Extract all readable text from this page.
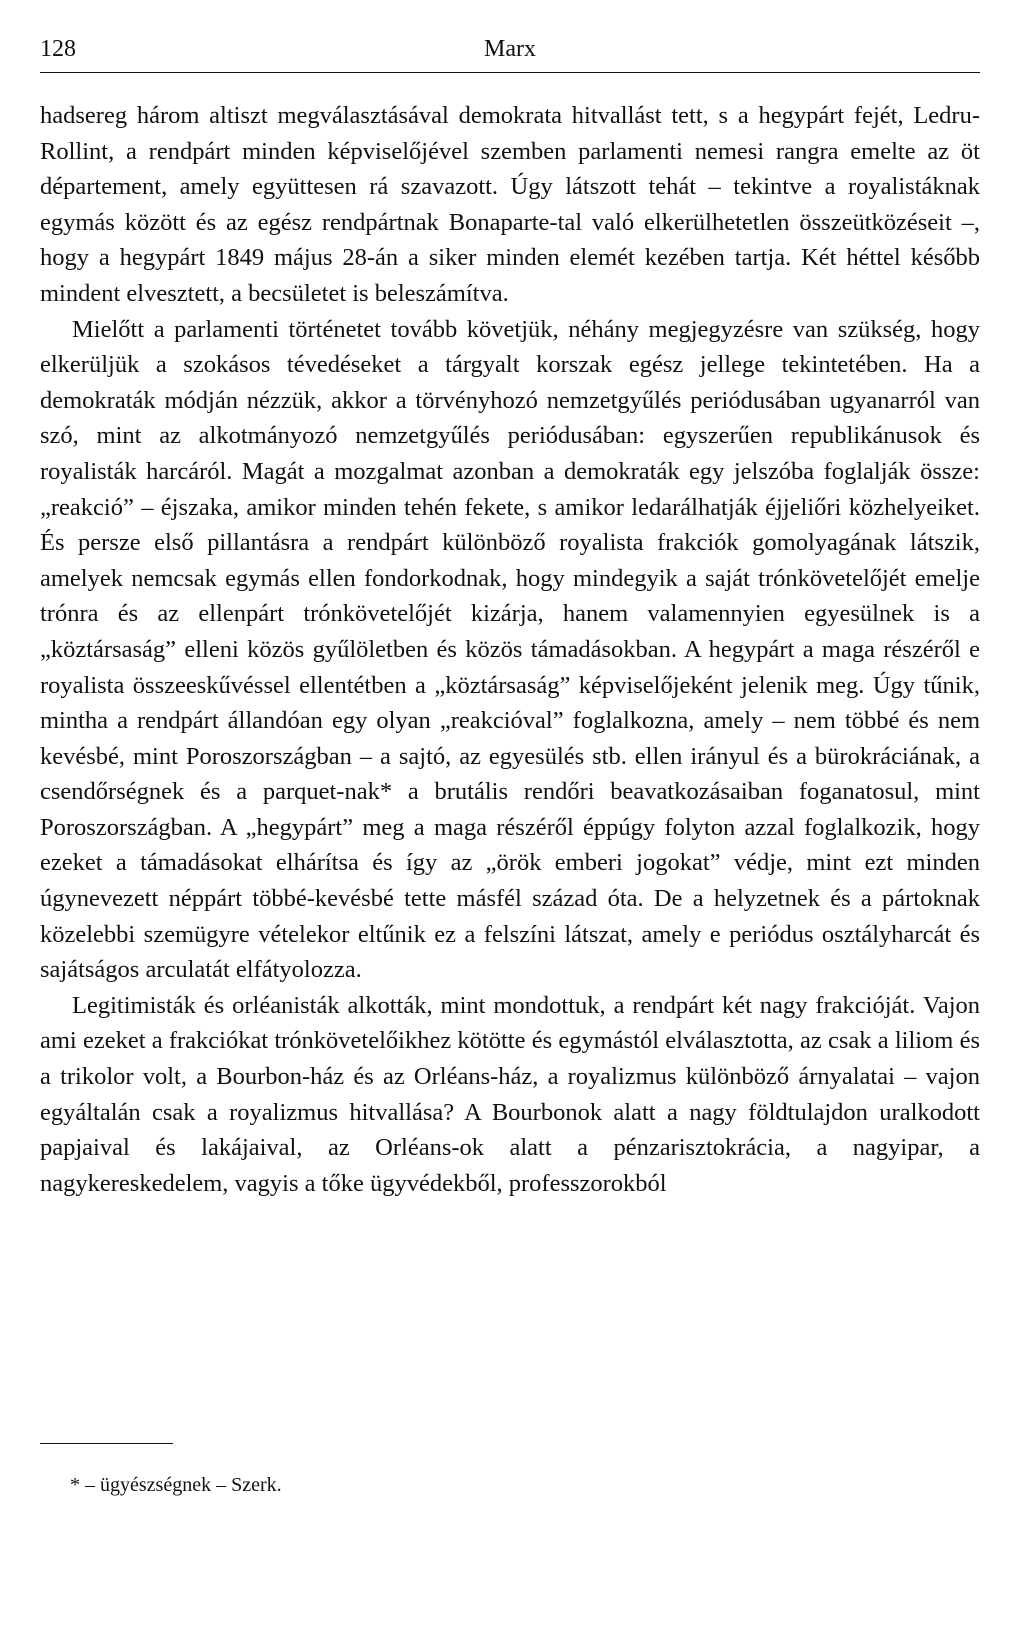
128	Marx

hadsereg három altiszt megválasztásával demokrata hitvallást tett, s a hegypárt fejét, Ledru-Rollint, a rendpárt minden képviselőjével szemben parlamenti nemesi rangra emelte az öt département, amely együttesen rá szavazott. Úgy látszott tehát – tekintve a royalistáknak egymás között és az egész rendpártnak Bonaparte-tal való elkerülhetetlen összeütközéseit –, hogy a hegypárt 1849 május 28-án a siker minden elemét kezében tartja. Két héttel később mindent elvesztett, a becsületet is beleszámítva.

Mielőtt a parlamenti történetet tovább követjük, néhány megjegyzésre van szükség, hogy elkerüljük a szokásos tévedéseket a tárgyalt korszak egész jellege tekintetében. Ha a demokraták módján nézzük, akkor a törvényhozó nemzetgyűlés periódusában ugyanarról van szó, mint az alkotmányozó nemzetgyűlés periódusában: egyszerűen republikánusok és royalisták harcáról. Magát a mozgalmat azonban a demokraták egy jelszóba foglalják össze: „reakció” – éjszaka, amikor minden tehén fekete, s amikor ledarálhatják éjjeliőri közhelyeiket. És persze első pillantásra a rendpárt különböző royalista frakciók gomolyagának látszik, amelyek nemcsak egymás ellen fondorkodnak, hogy mindegyik a saját trónkövetelőjét emelje trónra és az ellenpárt trónkövetelőjét kizárja, hanem valamennyien egyesülnek is a „köztársaság” elleni közös gyűlöletben és közös támadásokban. A hegypárt a maga részéről e royalista összeeskűvéssel ellentétben a „köztársaság” képviselőjeként jelenik meg. Úgy tűnik, mintha a rendpárt állandóan egy olyan „reakcióval” foglalkozna, amely – nem többé és nem kevésbé, mint Poroszországban – a sajtó, az egyesülés stb. ellen irányul és a bürokráciának, a csendőrségnek és a parquet-nak* a brutális rendőri beavatkozásaiban foganatosul, mint Poroszországban. A „hegypárt” meg a maga részéről éppúgy folyton azzal foglalkozik, hogy ezeket a támadásokat elhárítsa és így az „örök emberi jogokat” védje, mint ezt minden úgynevezett néppárt többé-kevésbé tette másfél század óta. De a helyzetnek és a pártoknak közelebbi szemügyre vételekor eltűnik ez a felszíni látszat, amely e periódus osztályharcát és sajátságos arculatát elfátyolozza.

Legitimisták és orléanisták alkották, mint mondottuk, a rendpárt két nagy frakcióját. Vajon ami ezeket a frakciókat trónkövetelőikhez kötötte és egymástól elválasztotta, az csak a liliom és a trikolor volt, a Bourbon-ház és az Orléans-ház, a royalizmus különböző árnyalatai – vajon egyáltalán csak a royalizmus hitvallása? A Bourbonok alatt a nagy földtulajdon uralkodott papjaival és lakájaival, az Orléans-ok alatt a pénzarisztokrácia, a nagyipar, a nagykereskedelem, vagyis a tőke ügyvédekből, professzorokból

* – ügyészségnek – Szerk.
